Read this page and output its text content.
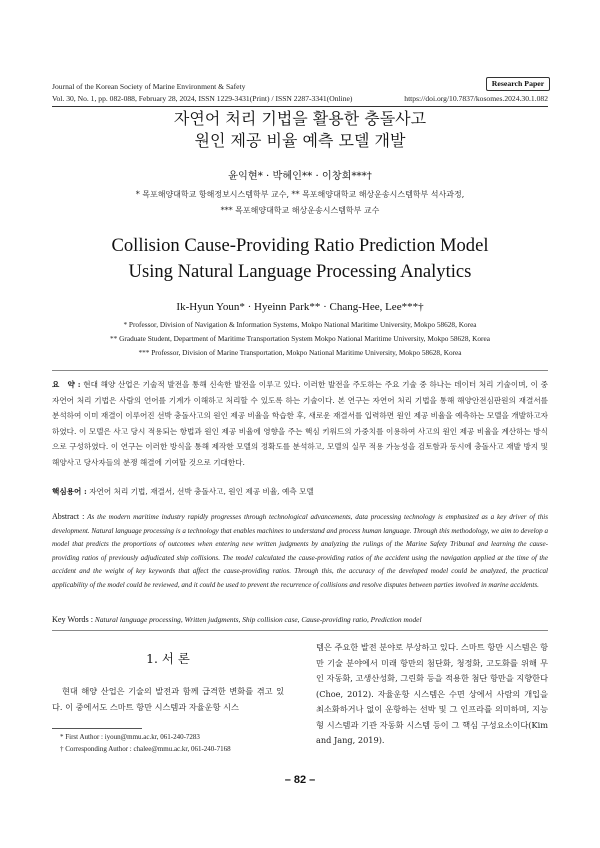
Journal of the Korean Society of Marine Environment & Safety	Research Paper
Vol. 30, No. 1, pp. 082-088, February 28, 2024, ISSN 1229-3431(Print) / ISSN 2287-3341(Online)	https://doi.org/10.7837/kosomes.2024.30.1.082
자연어 처리 기법을 활용한 충돌사고
원인 제공 비율 예측 모델 개발
윤익현* · 박혜인** · 이창희***†
* 목포해양대학교 항해정보시스템학부 교수, ** 목포해양대학교 해상운송시스템학부 석사과정,
*** 목포해양대학교 해상운송시스템학부 교수
Collision Cause-Providing Ratio Prediction Model
Using Natural Language Processing Analytics
Ik-Hyun Youn* · Hyeinn Park** · Chang-Hee, Lee***†
* Professor, Division of Navigation & Information Systems, Mokpo National Maritime University, Mokpo 58628, Korea
** Graduate Student, Department of Maritime Transportation System Mokpo National Maritime University, Mokpo 58628, Korea
*** Professor, Division of Marine Transportation, Mokpo National Maritime University, Mokpo 58628, Korea
요　약 : 현대 해양 산업은 기술적 발전을 통해 신속한 발전을 이루고 있다. 이러한 발전을 주도하는 주요 기술 중 하나는 데이터 처리 기술이며, 이 중 자연어 처리 기법은 사람의 언어를 기계가 이해하고 처리할 수 있도록 하는 기술이다. 본 연구는 자연어 처리 기법을 통해 해양안전심판원의 재결서를 분석하여 이미 재결이 이루어진 선박 충돌사고의 원인 제공 비율을 학습한 후, 새로운 재결서를 입력하면 원인 제공 비율을 예측하는 모델을 개발하고자 하였다. 이 모델은 사고 당시 적용되는 항법과 원인 제공 비율에 영향을 주는 핵심 키워드의 가중치를 이용하여 사고의 원인 제공 비율을 계산하는 방식으로 구성하였다. 이 연구는 이러한 방식을 통해 제작한 모델의 정확도를 분석하고, 모델의 실무 적용 가능성을 검토함과 동시에 충돌사고 재발 방지 및 해양사고 당사자들의 분쟁 해결에 기여할 것으로 기대한다.
핵심용어 : 자연어 처리 기법, 재결서, 선박 충돌사고, 원인 제공 비율, 예측 모델
Abstract : As the modern maritime industry rapidly progresses through technological advancements, data processing technology is emphasized as a key driver of this development. Natural language processing is a technology that enables machines to understand and process human language. Through this methodology, we aim to develop a model that predicts the proportions of outcomes when entering new written judgments by analyzing the rulings of the Marine Safety Tribunal and learning the cause-providing ratios of previously adjudicated ship collisions. The model calculated the cause-providing ratios of the accident using the navigation applied at the time of the accident and the weight of key keywords that affect the cause-providing ratios. Through this, the accuracy of the developed model could be analyzed, the practical applicability of the model could be reviewed, and it could be used to prevent the recurrence of collisions and resolve disputes between parties involved in marine accidents.
Key Words : Natural language processing, Written judgments, Ship collision case, Cause-providing ratio, Prediction model
1. 서 론
현대 해양 산업은 기술의 발전과 함께 급격한 변화를 겪고 있다. 이 중에서도 스마트 항만 시스템과 자율운항 시스
템은 주요한 발전 분야로 부상하고 있다. 스마트 항만 시스템은 항만 기술 분야에서 미래 항만의 첨단화, 청정화, 고도화를 위해 무인 자동화, 고생산성화, 그린화 등을 적용한 첨단 항만을 지향한다(Choe, 2012). 자율운항 시스템은 수면 상에서 사람의 개입을 최소화하거나 없이 운항하는 선박 및 그 인프라를 의미하며, 지능형 시스템과 기관 자동화 시스템 등이 그 핵심 구성요소이다(Kim and Jang, 2019).
* First Author : iyoun@mmu.ac.kr, 061-240-7283
† Corresponding Author : chalee@mmu.ac.kr, 061-240-7168
– 82 –
